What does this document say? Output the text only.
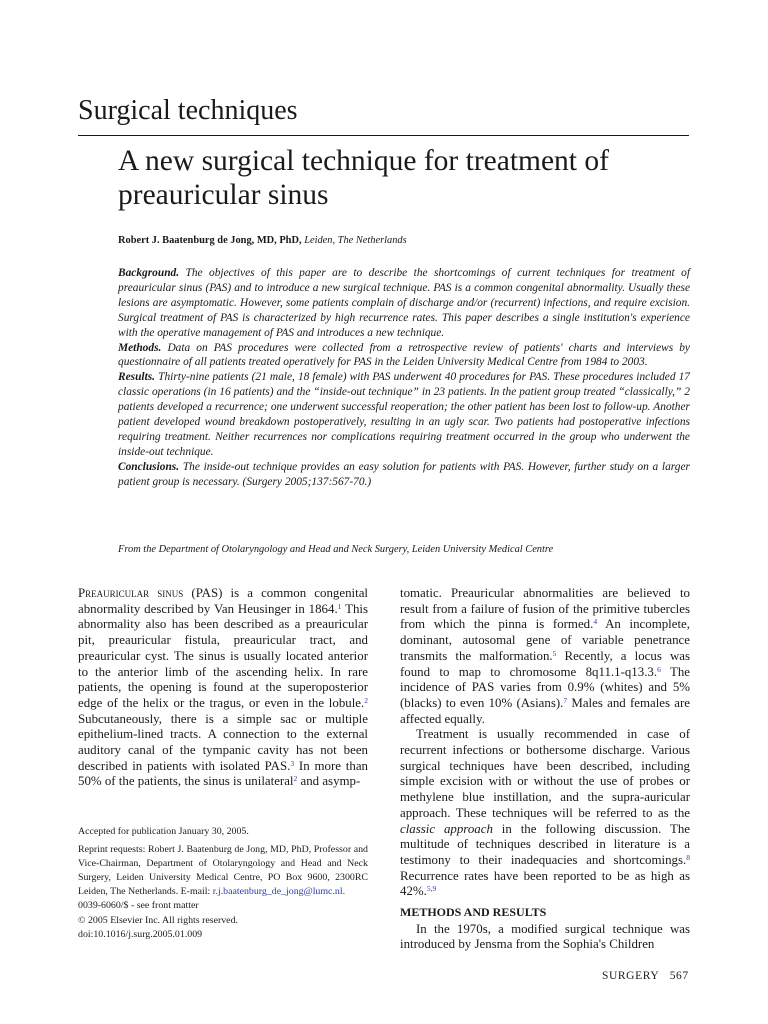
Surgical techniques
A new surgical technique for treatment of preauricular sinus
Robert J. Baatenburg de Jong, MD, PhD, Leiden, The Netherlands

Background. The objectives of this paper are to describe the shortcomings of current techniques for treatment of preauricular sinus (PAS) and to introduce a new surgical technique. PAS is a common congenital abnormality. Usually these lesions are asymptomatic. However, some patients complain of discharge and/or (recurrent) infections, and require excision. Surgical treatment of PAS is characterized by high recurrence rates. This paper describes a single institution's experience with the operative management of PAS and introduces a new technique.

Methods. Data on PAS procedures were collected from a retrospective review of patients' charts and interviews by questionnaire of all patients treated operatively for PAS in the Leiden University Medical Centre from 1984 to 2003.

Results. Thirty-nine patients (21 male, 18 female) with PAS underwent 40 procedures for PAS. These procedures included 17 classic operations (in 16 patients) and the “inside-out technique” in 23 patients. In the patient group treated “classically,” 2 patients developed a recurrence; one underwent successful reoperation; the other patient has been lost to follow-up. Another patient developed wound breakdown postoperatively, resulting in an ugly scar. Two patients had postoperative infections requiring treatment. Neither recurrences nor complications requiring treatment occurred in the group who underwent the inside-out technique.

Conclusions. The inside-out technique provides an easy solution for patients with PAS. However, further study on a larger patient group is necessary. (Surgery 2005;137:567-70.)

From the Department of Otolaryngology and Head and Neck Surgery, Leiden University Medical Centre

Preauricular sinus (PAS) is a common congenital abnormality described by Van Heusinger in 1864.$^1$ This abnormality also has been described as a preauricular pit, preauricular fistula, preauricular tract, and preauricular cyst. The sinus is usually located anterior to the anterior limb of the ascending helix. In rare patients, the opening is found at the superoposterior edge of the helix or the tragus, or even in the lobule.$^2$ Subcutaneously, there is a simple sac or multiple epithelium-lined tracts. A connection to the external auditory canal of the tympanic cavity has not been described in patients with isolated PAS.$^3$ In more than 50% of the patients, the sinus is unilateral$^2$ and asymp-

Accepted for publication January 30, 2005.

Reprint requests: Robert J. Baatenburg de Jong, MD, PhD, Professor and Vice-Chairman, Department of Otolaryngology and Head and Neck Surgery, Leiden University Medical Centre, PO Box 9600, 2300RC Leiden, The Netherlands. E-mail: r.j.baatenburg_de_jong@lumc.nl.

0039-6060/$ - see front matter

© 2005 Elsevier Inc. All rights reserved.

doi:10.1016/j.surg.2005.01.009

tomatic. Preauricular abnormalities are believed to result from a failure of fusion of the primitive tubercles from which the pinna is formed.$^4$ An incomplete, dominant, autosomal gene of variable penetrance transmits the malformation.$^5$ Recently, a locus was found to map to chromosome 8q11.1-q13.3.$^6$ The incidence of PAS varies from 0.9% (whites) and 5% (blacks) to even 10% (Asians).$^7$ Males and females are affected equally.

Treatment is usually recommended in case of recurrent infections or bothersome discharge. Various surgical techniques have been described, including simple excision with or without the use of probes or methylene blue instillation, and the supra-auricular approach. These techniques will be referred to as the classic approach in the following discussion. The multitude of techniques described in literature is a testimony to their inadequacies and shortcomings.$^8$ Recurrence rates have been reported to be as high as 42%.$^{5,9}$

METHODS AND RESULTS

In the 1970s, a modified surgical technique was introduced by Jensma from the Sophia's Children

SURGERY 567
